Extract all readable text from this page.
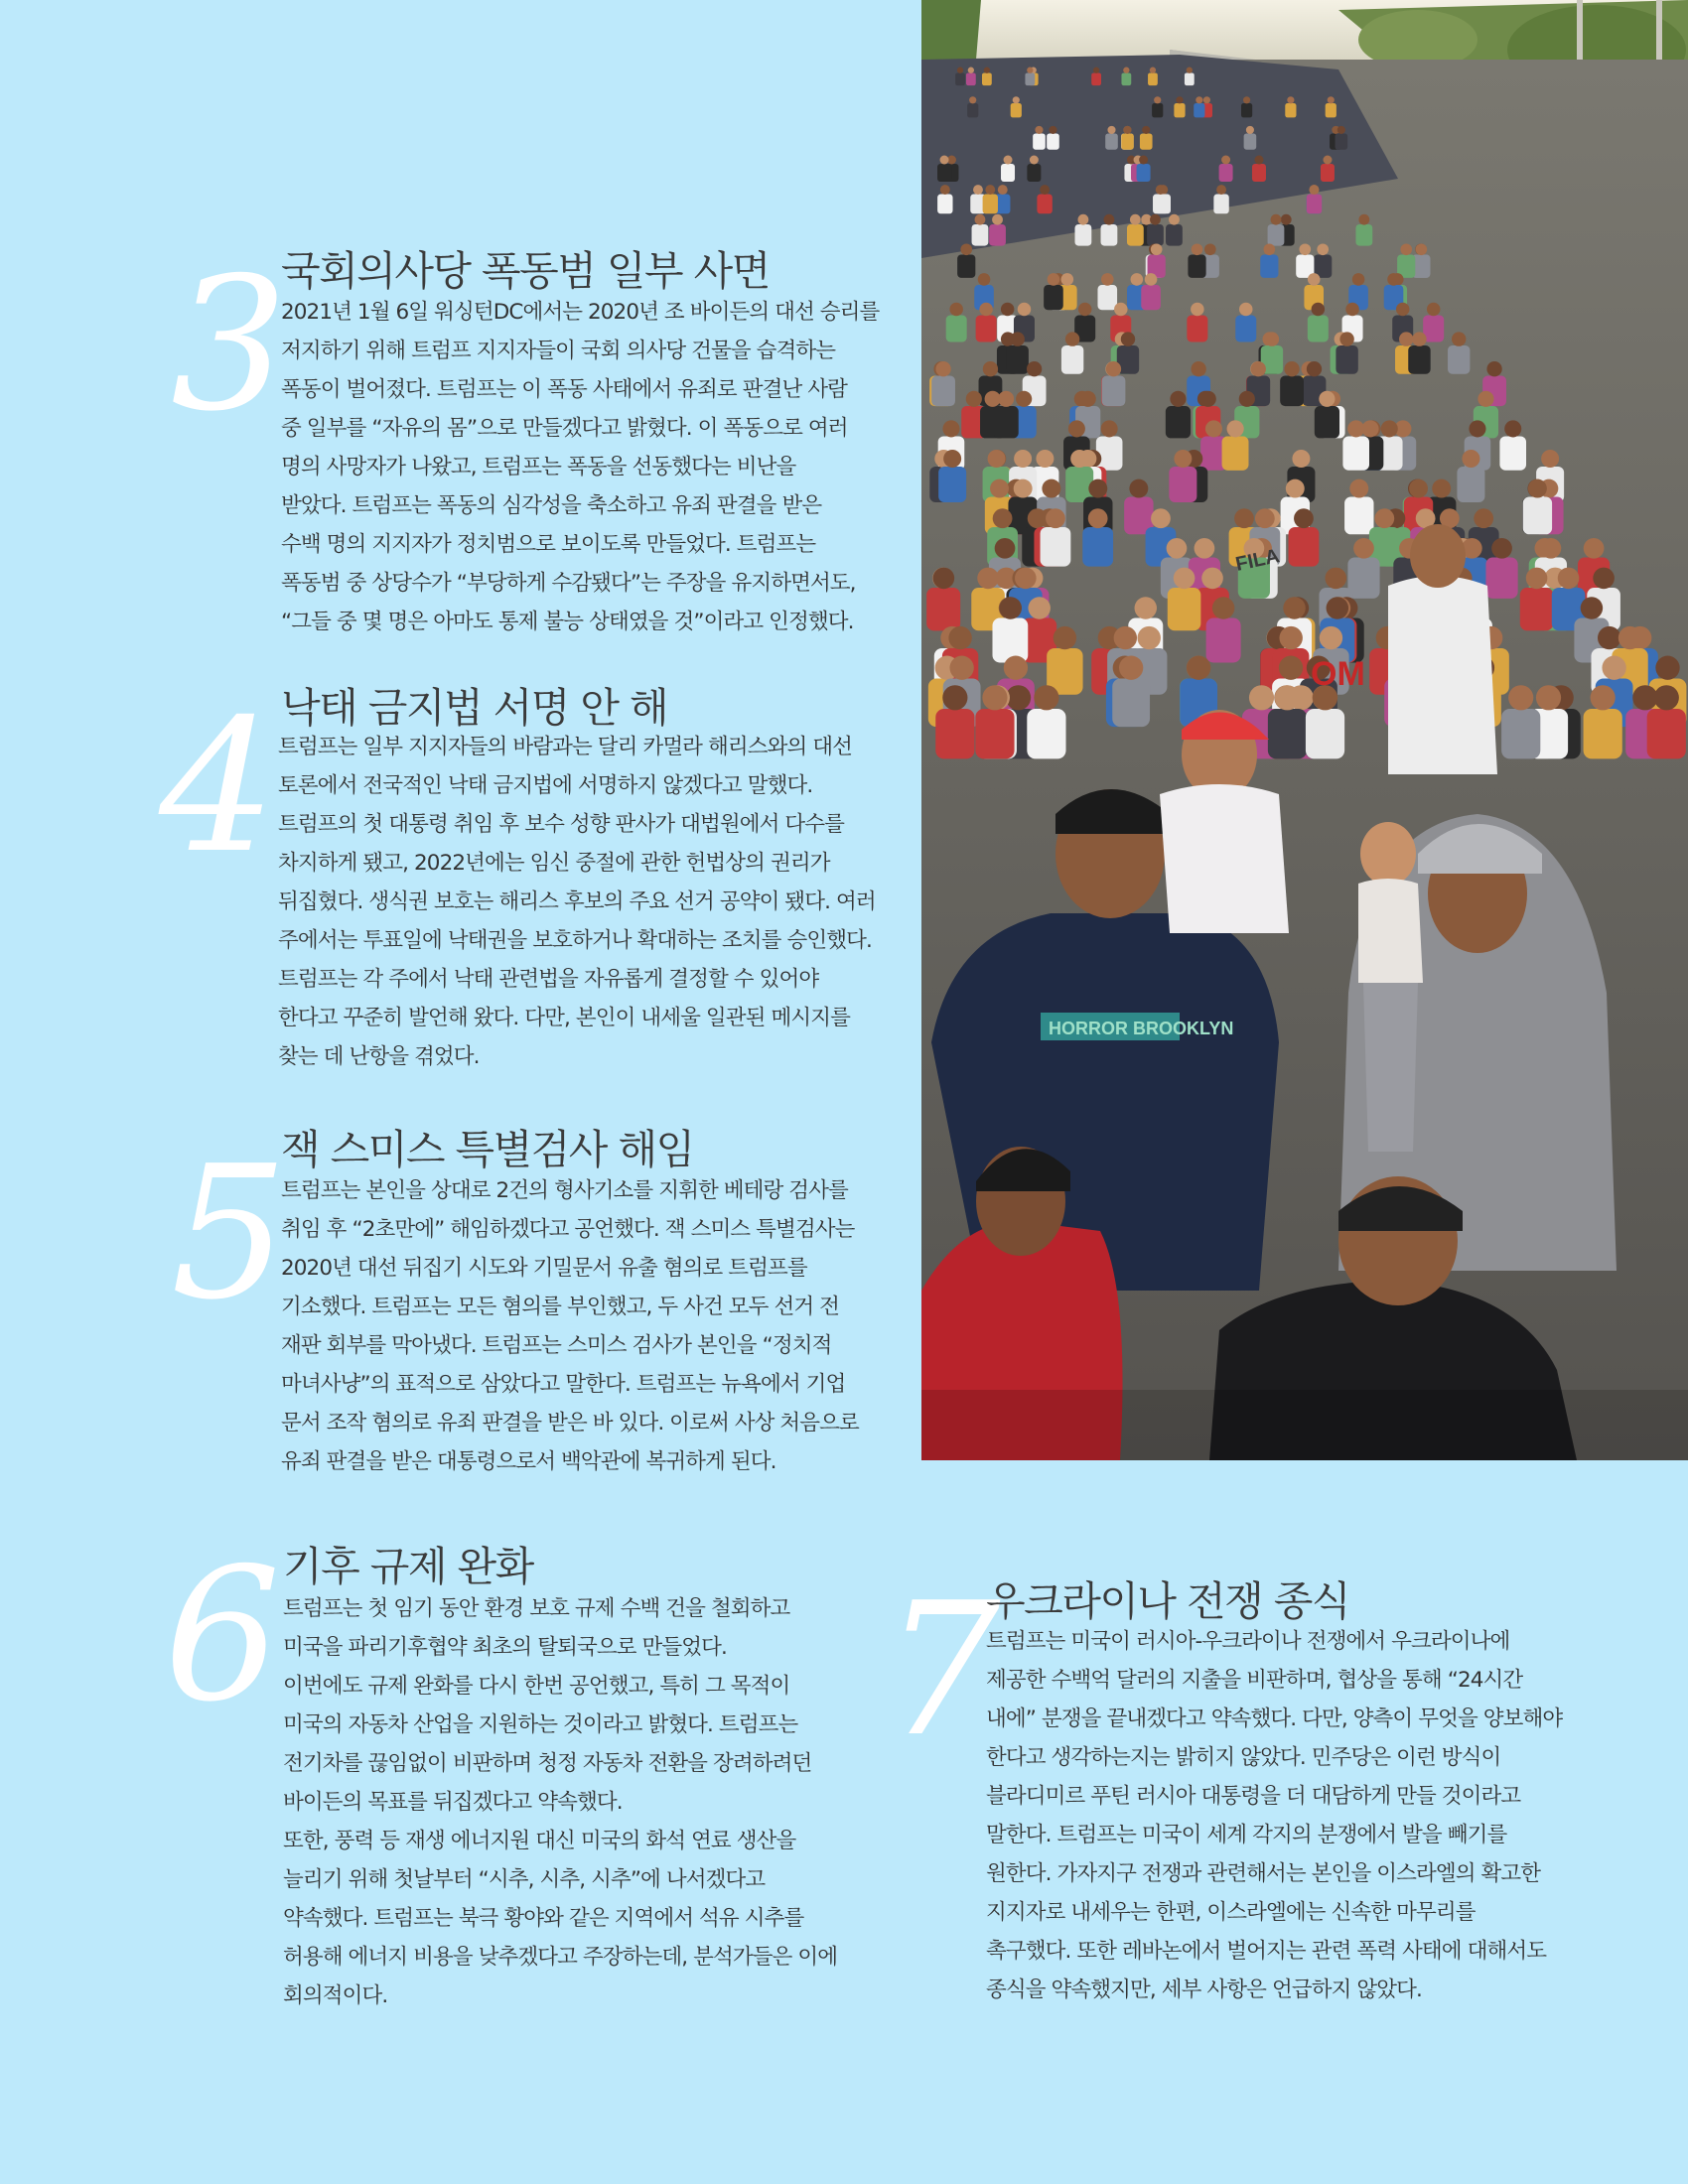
3
국회의사당 폭동범 일부 사면

2021년 1월 6일 워싱턴DC에서는 2020년 조 바이든의 대선 승리를

저지하기 위해 트럼프 지지자들이 국회 의사당 건물을 습격하는

폭동이 벌어졌다. 트럼프는 이 폭동 사태에서 유죄로 판결난 사람

중 일부를 “자유의 몸”으로 만들겠다고 밝혔다. 이 폭동으로 여러

명의 사망자가 나왔고, 트럼프는 폭동을 선동했다는 비난을

받았다. 트럼프는 폭동의 심각성을 축소하고 유죄 판결을 받은

수백 명의 지지자가 정치범으로 보이도록 만들었다. 트럼프는

폭동범 중 상당수가 “부당하게 수감됐다”는 주장을 유지하면서도,

“그들 중 몇 명은 아마도 통제 불능 상태였을 것”이라고 인정했다.

4 낙태 금지법 서명 안 해

트럼프는 일부 지지자들의 바람과는 달리 카멀라 해리스와의 대선

토론에서 전국적인 낙태 금지법에 서명하지 않겠다고 말했다.

트럼프의 첫 대통령 취임 후 보수 성향 판사가 대법원에서 다수를

차지하게 됐고, 2022년에는 임신 중절에 관한 헌법상의 권리가

뒤집혔다. 생식권 보호는 해리스 후보의 주요 선거 공약이 됐다. 여러

주에서는 투표일에 낙태권을 보호하거나 확대하는 조치를 승인했다.

트럼프는 각 주에서 낙태 관련법을 자유롭게 결정할 수 있어야

한다고 꾸준히 발언해 왔다. 다만, 본인이 내세울 일관된 메시지를

찾는 데 난항을 겪었다.

5
잭 스미스 특별검사 해임

트럼프는 본인을 상대로 2건의 형사기소를 지휘한 베테랑 검사를

취임 후 “2초만에” 해임하겠다고 공언했다. 잭 스미스 특별검사는

2020년 대선 뒤집기 시도와 기밀문서 유출 혐의로 트럼프를

기소했다. 트럼프는 모든 혐의를 부인했고, 두 사건 모두 선거 전

재판 회부를 막아냈다. 트럼프는 스미스 검사가 본인을 “정치적

마녀사냥”의 표적으로 삼았다고 말한다. 트럼프는 뉴욕에서 기업

문서 조작 혐의로 유죄 판결을 받은 바 있다. 이로써 사상 처음으로

유죄 판결을 받은 대통령으로서 백악관에 복귀하게 된다.

6 기후 규제 완화

트럼프는 첫 임기 동안 환경 보호 규제 수백 건을 철회하고

미국을 파리기후협약 최초의 탈퇴국으로 만들었다.

이번에도 규제 완화를 다시 한번 공언했고, 특히 그 목적이

미국의 자동차 산업을 지원하는 것이라고 밝혔다. 트럼프는

전기차를 끊임없이 비판하며 청정 자동차 전환을 장려하려던

바이든의 목표를 뒤집겠다고 약속했다.

또한, 풍력 등 재생 에너지원 대신 미국의 화석 연료 생산을

늘리기 위해 첫날부터 “시추, 시추, 시추”에 나서겠다고

약속했다. 트럼프는 북극 황야와 같은 지역에서 석유 시추를

허용해 에너지 비용을 낮추겠다고 주장하는데, 분석가들은 이에

회의적이다.

7
우크라이나 전쟁 종식

트럼프는 미국이 러시아-우크라이나 전쟁에서 우크라이나에

제공한 수백억 달러의 지출을 비판하며, 협상을 통해 “24시간

내에” 분쟁을 끝내겠다고 약속했다. 다만, 양측이 무엇을 양보해야

한다고 생각하는지는 밝히지 않았다. 민주당은 이런 방식이

블라디미르 푸틴 러시아 대통령을 더 대담하게 만들 것이라고

말한다. 트럼프는 미국이 세계 각지의 분쟁에서 발을 빼기를

원한다. 가자지구 전쟁과 관련해서는 본인을 이스라엘의 확고한

지지자로 내세우는 한편, 이스라엘에는 신속한 마무리를

촉구했다. 또한 레바논에서 벌어지는 관련 폭력 사태에 대해서도

종식을 약속했지만, 세부 사항은 언급하지 않았다.

HORROR BROOKLYN
FILA
OM
